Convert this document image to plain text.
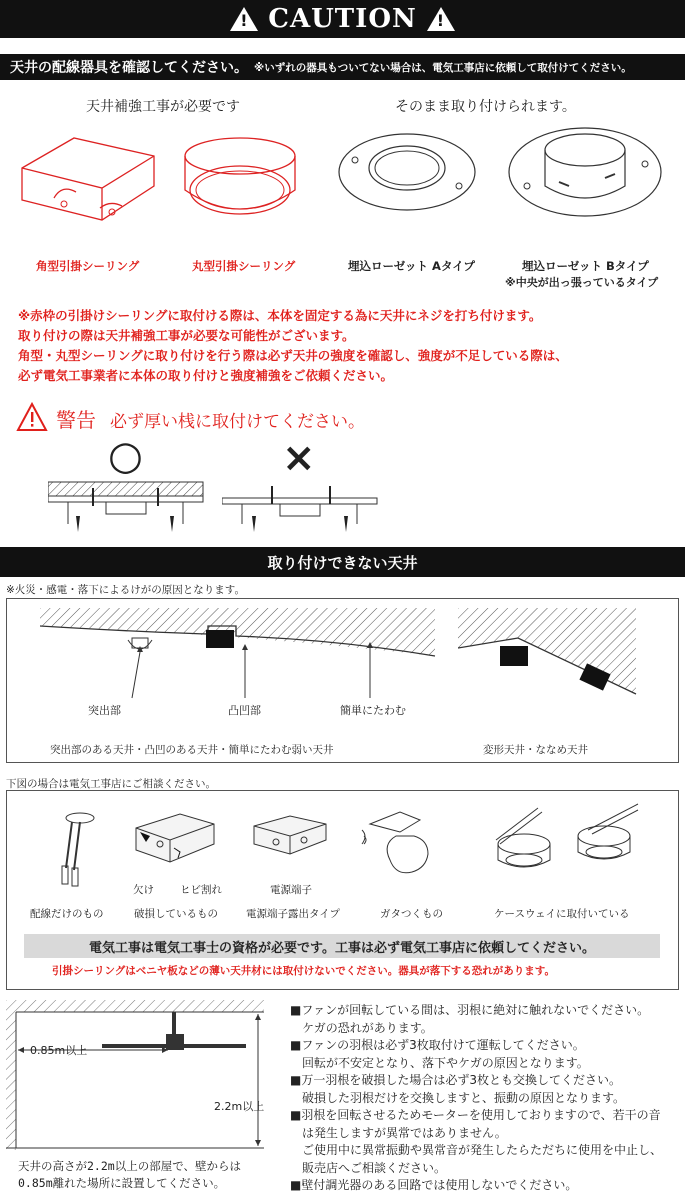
! CAUTION !
天井の配線器具を確認してください。 ※いずれの器具もついてない場合は、電気工事店に依頼して取付けてください。
天井補強工事が必要です	そのまま取り付けられます。
角型引掛シーリング	丸型引掛シーリング	埋込ローゼット Aタイプ	埋込ローゼット Bタイプ
※中央が出っ張っているタイプ
※赤枠の引掛けシーリングに取付ける際は、本体を固定する為に天井にネジを打ち付けます。
取り付けの際は天井補強工事が必要な可能性がございます。
角型・丸型シーリングに取り付けを行う際は必ず天井の強度を確認し、強度が不足している際は、
必ず電気工事業者に本体の取り付けと強度補強をご依頼ください。
警告 必ず厚い桟に取付けてください。
○	×
取り付けできない天井
※火災・感電・落下によるけがの原因となります。
突出部	凸凹部	簡単にたわむ
突出部のある天井・凸凹のある天井・簡単にたわむ弱い天井	変形天井・ななめ天井
下図の場合は電気工事店にご相談ください。
欠け ヒビ割れ	電源端子
配線だけのもの	破損しているもの	電源端子露出タイプ	ガタつくもの	ケースウェイに取付いている
電気工事は電気工事士の資格が必要です。工事は必ず電気工事店に依頼してください。
引掛シーリングはベニヤ板などの薄い天井材には取付けないでください。器具が落下する恐れがあります。
0.85m以上
2.2m以上
天井の高さが2.2m以上の部屋で、壁からは
0.85m離れた場所に設置してください。
■ファンが回転している間は、羽根に絶対に触れないでください。
　ケガの恐れがあります。
■ファンの羽根は必ず3枚取付けて運転してください。
　回転が不安定となり、落下やケガの原因となります。
■万一羽根を破損した場合は必ず3枚とも交換してください。
　破損した羽根だけを交換しますと、振動の原因となります。
■羽根を回転させるためモーターを使用しておりますので、若干の音
　は発生しますが異常ではありません。
　ご使用中に異常振動や異常音が発生したらただちに使用を中止し、
　販売店へご相談ください。
■壁付調光器のある回路では使用しないでください。
